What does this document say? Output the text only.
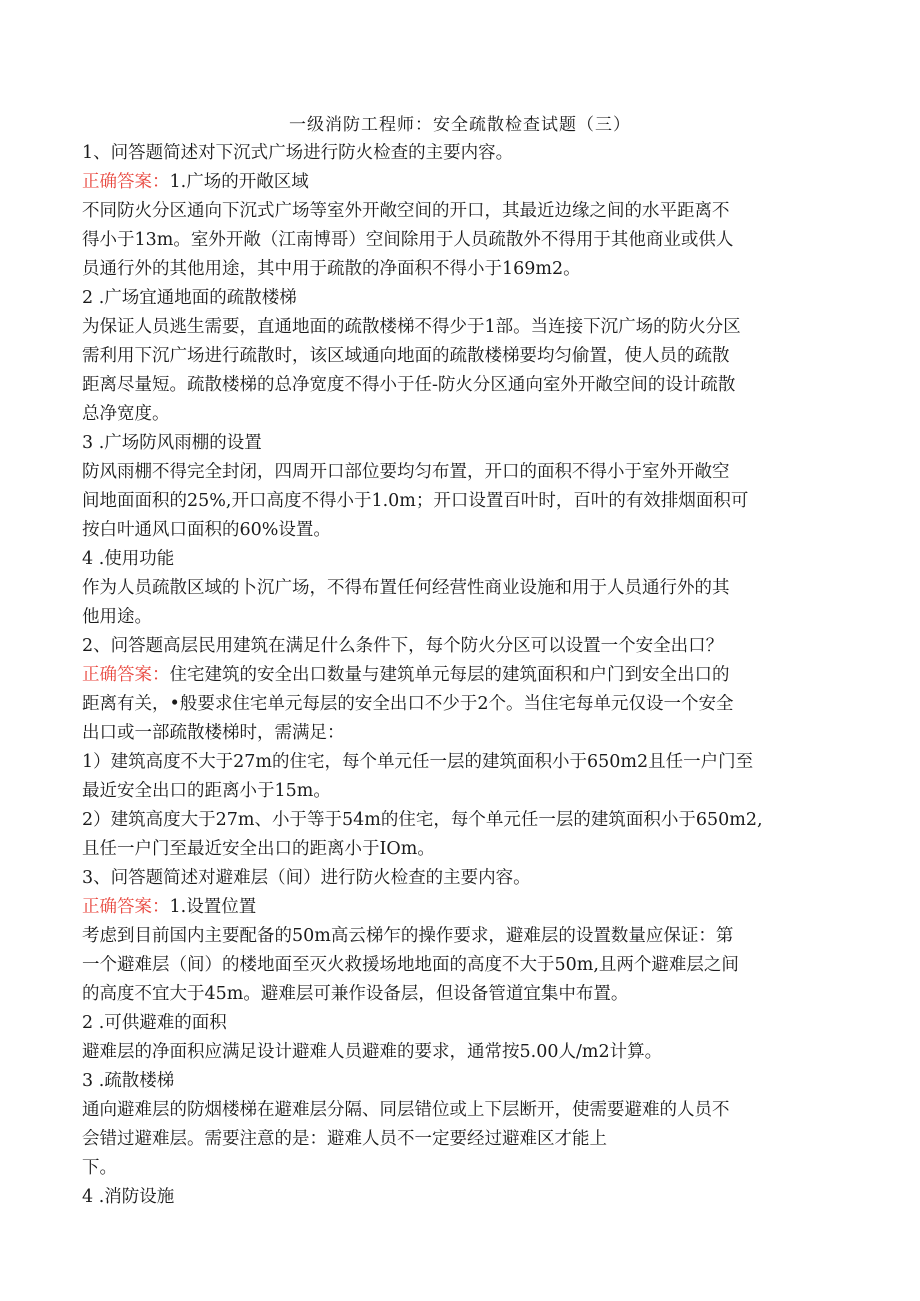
一级消防工程师：安全疏散检查试题（三）
1、问答题简述对下沉式广场进行防火检查的主要内容。
正确答案：1.广场的开敞区域
不同防火分区通向下沉式广场等室外开敞空间的开口，其最近边缘之间的水平距离不
得小于13m。室外开敞（江南博哥）空间除用于人员疏散外不得用于其他商业或供人
员通行外的其他用途，其中用于疏散的净面积不得小于169m2。
2 .广场宜通地面的疏散楼梯
为保证人员逃生需要，直通地面的疏散楼梯不得少于1部。当连接下沉广场的防火分区
需利用下沉广场进行疏散时，该区域通向地面的疏散楼梯要均匀偷置，使人员的疏散
距离尽量短。疏散楼梯的总净宽度不得小于任-防火分区通向室外开敞空间的设计疏散
总净宽度。
3 .广场防风雨棚的设置
防风雨棚不得完全封闭，四周开口部位要均匀布置，开口的面积不得小于室外开敞空
间地面面积的25%,开口高度不得小于1.0m；开口设置百叶时，百叶的有效排烟面积可
按白叶通风口面积的60%设置。
4 .使用功能
作为人员疏散区域的卜沉广场，不得布置任何经营性商业设施和用于人员通行外的其
他用途。
2、问答题高层民用建筑在满足什么条件下，每个防火分区可以设置一个安全出口？
正确答案：住宅建筑的安全出口数量与建筑单元每层的建筑面积和户门到安全出口的
距离有关，•般要求住宅单元每层的安全出口不少于2个。当住宅每单元仅设一个安全
出口或一部疏散楼梯时，需满足：
1）建筑高度不大于27m的住宅，每个单元任一层的建筑面积小于650m2且任一户门至
最近安全出口的距离小于15m。
2）建筑高度大于27m、小于等于54m的住宅，每个单元任一层的建筑面积小于650m2,
且任一户门至最近安全出口的距离小于IOm。
3、问答题简述对避难层（间）进行防火检查的主要内容。
正确答案：1.设置位置
考虑到目前国内主要配备的50m高云梯乍的操作要求，避难层的设置数量应保证：第
一个避难层（间）的楼地面至灭火救援场地地面的高度不大于50m,且两个避难层之间
的高度不宜大于45m。避难层可兼作设备层，但设备管道宜集中布置。
2 .可供避难的面积
避难层的净面积应满足设计避难人员避难的要求，通常按5.00人/m2计算。
3 .疏散楼梯
通向避难层的防烟楼梯在避难层分隔、同层错位或上下层断开，使需要避难的人员不
会错过避难层。需要注意的是：避难人员不一定要经过避难区才能上
下。
4 .消防设施
